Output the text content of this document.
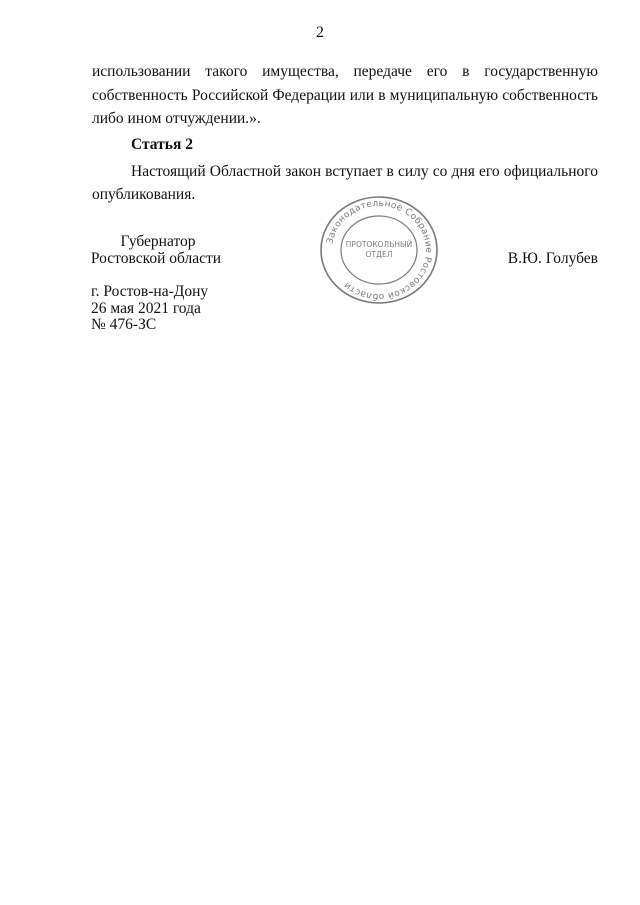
2
использовании такого имущества, передаче его в государственную
собственность Российской Федерации или в муниципальную собственность
либо ином отчуждении.».
Статья 2
Настоящий Областной закон вступает в силу со дня его официального
опубликования.
Губернатор
Ростовской области	В.Ю. Голубев
Законодательное Собрание Ростовской области
ПРОТОКОЛЬНЫЙ
ОТДЕЛ
г. Ростов-на-Дону
26 мая 2021 года
№ 476-ЗС
